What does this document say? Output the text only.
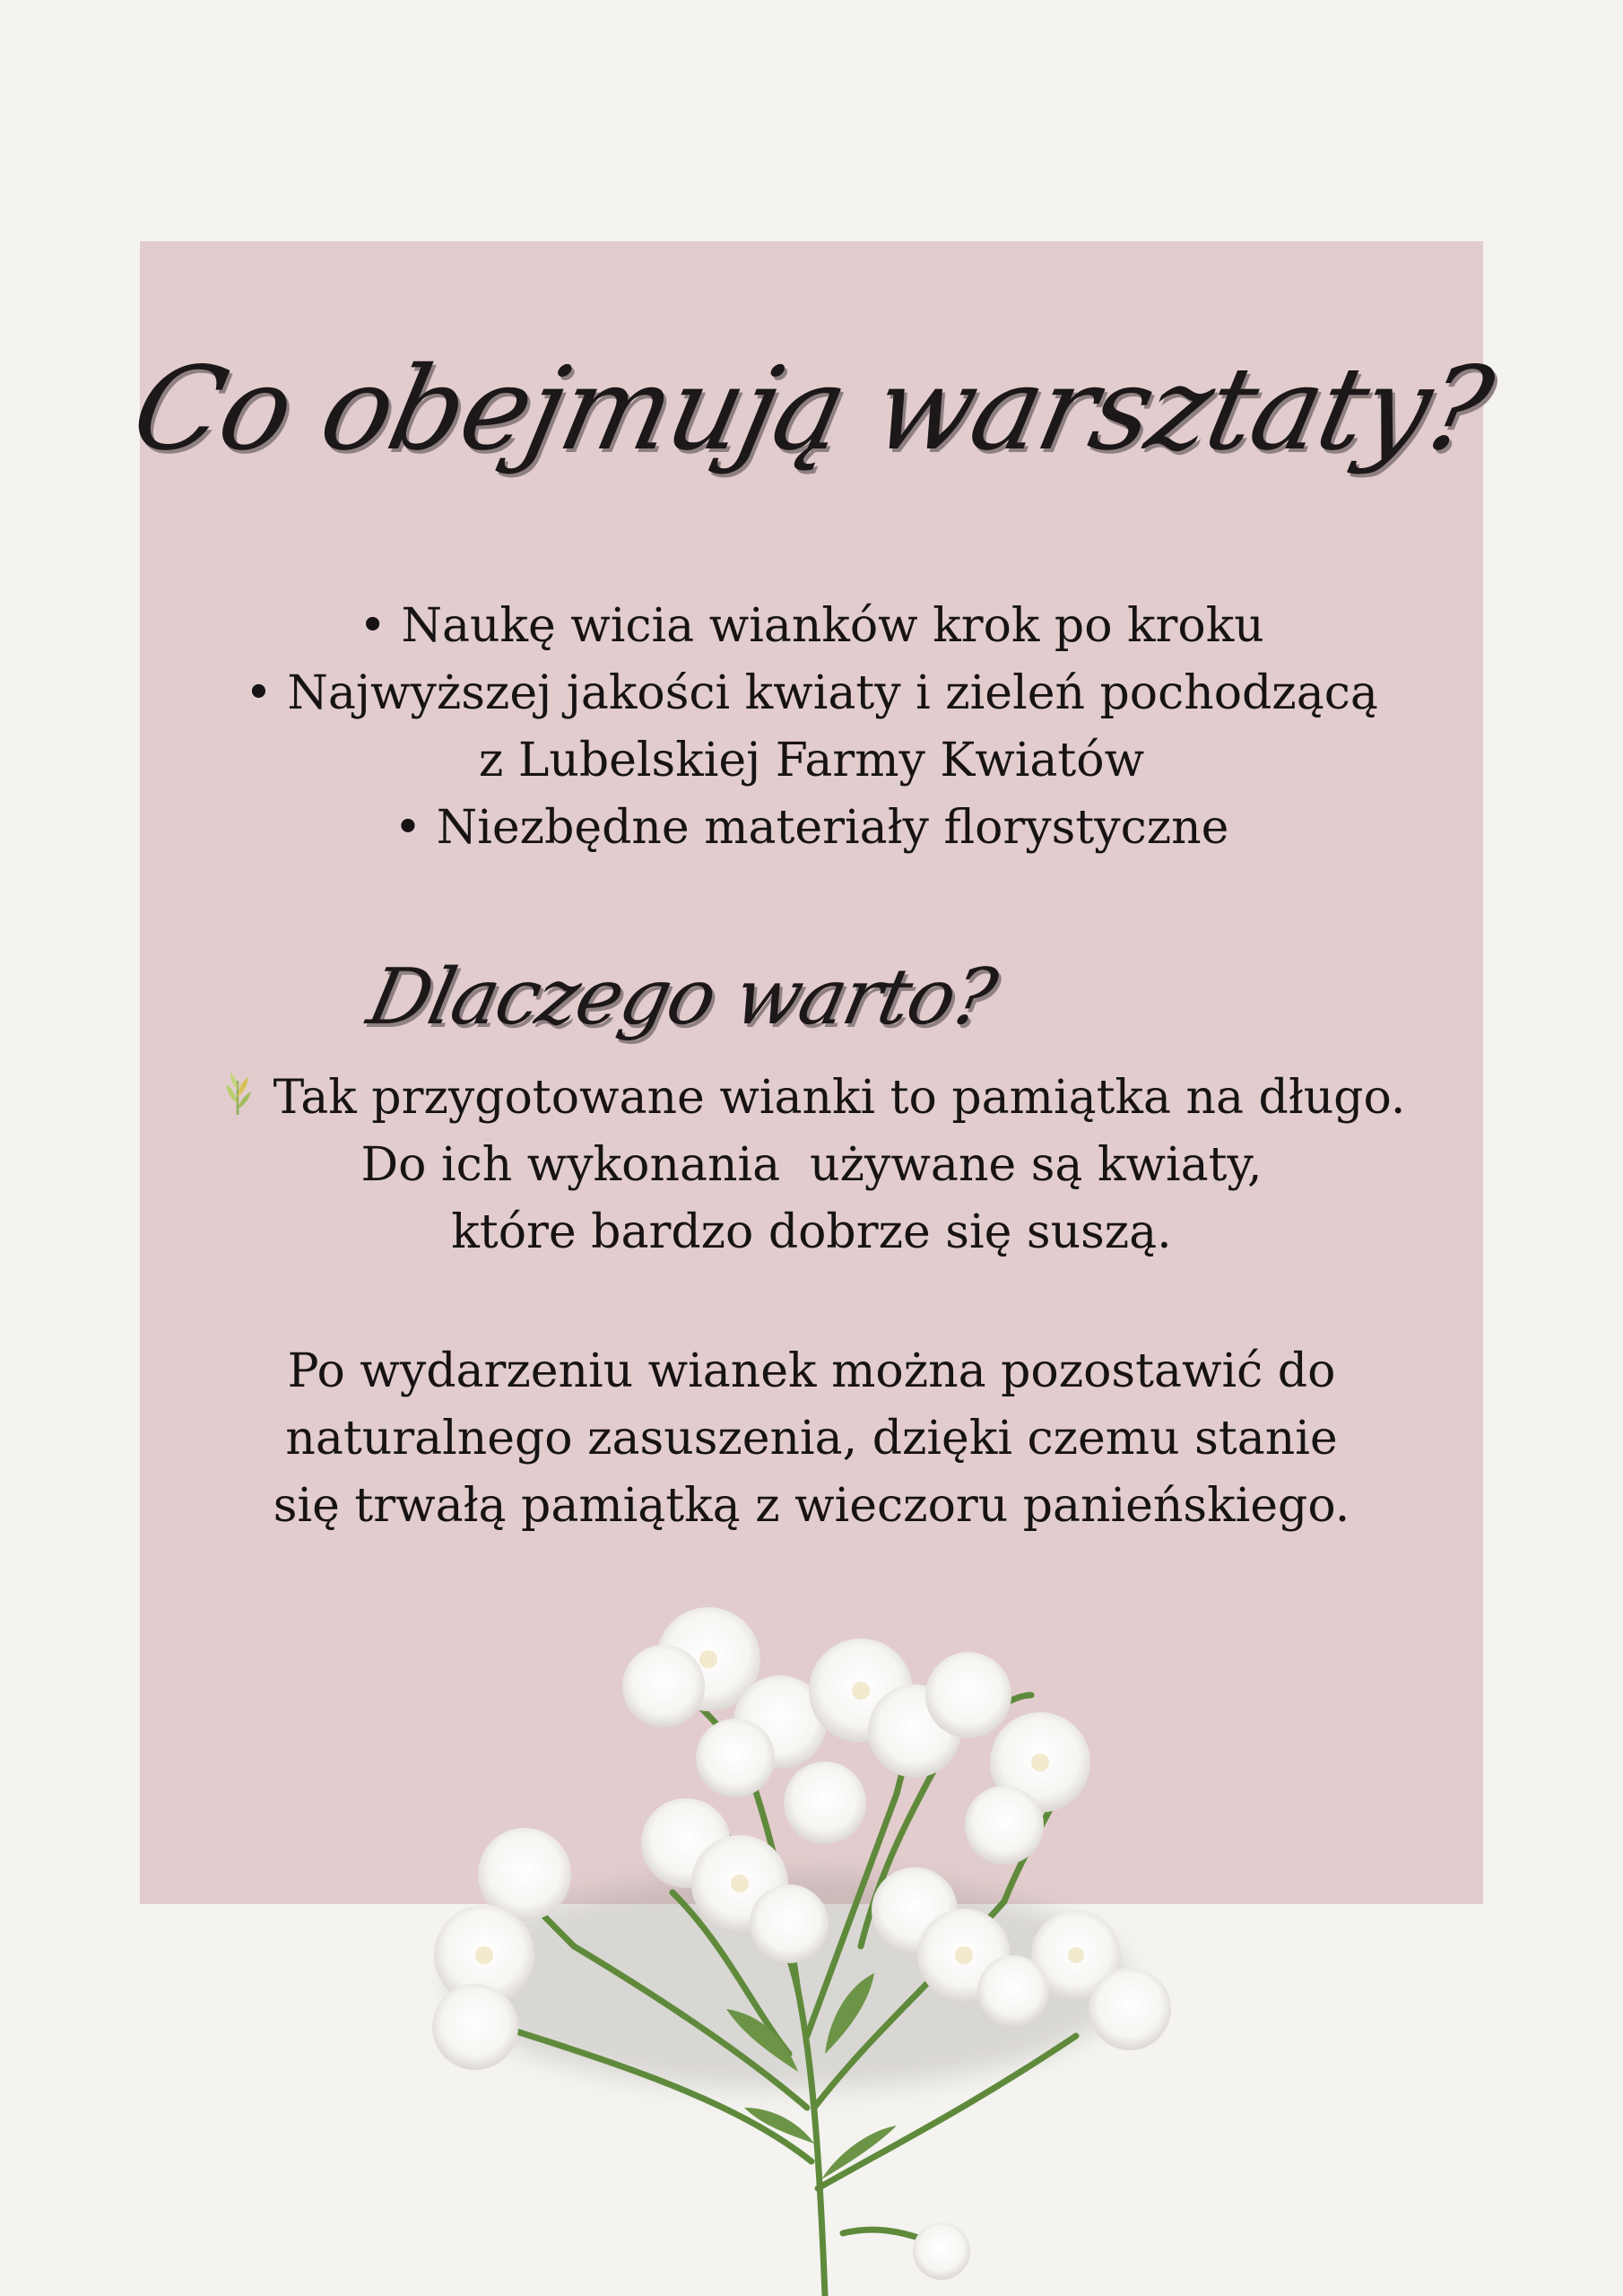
Co obejmują warsztaty?
• Naukę wicia wianków krok po kroku
• Najwyższej jakości kwiaty i zieleń pochodzącą
z Lubelskiej Farmy Kwiatów
• Niezbędne materiały florystyczne
Dlaczego warto?
Tak przygotowane wianki to pamiątka na długo.
Do ich wykonania  używane są kwiaty,
które bardzo dobrze się suszą.
Po wydarzeniu wianek można pozostawić do
naturalnego zasuszenia, dzięki czemu stanie
się trwałą pamiątką z wieczoru panieńskiego.
